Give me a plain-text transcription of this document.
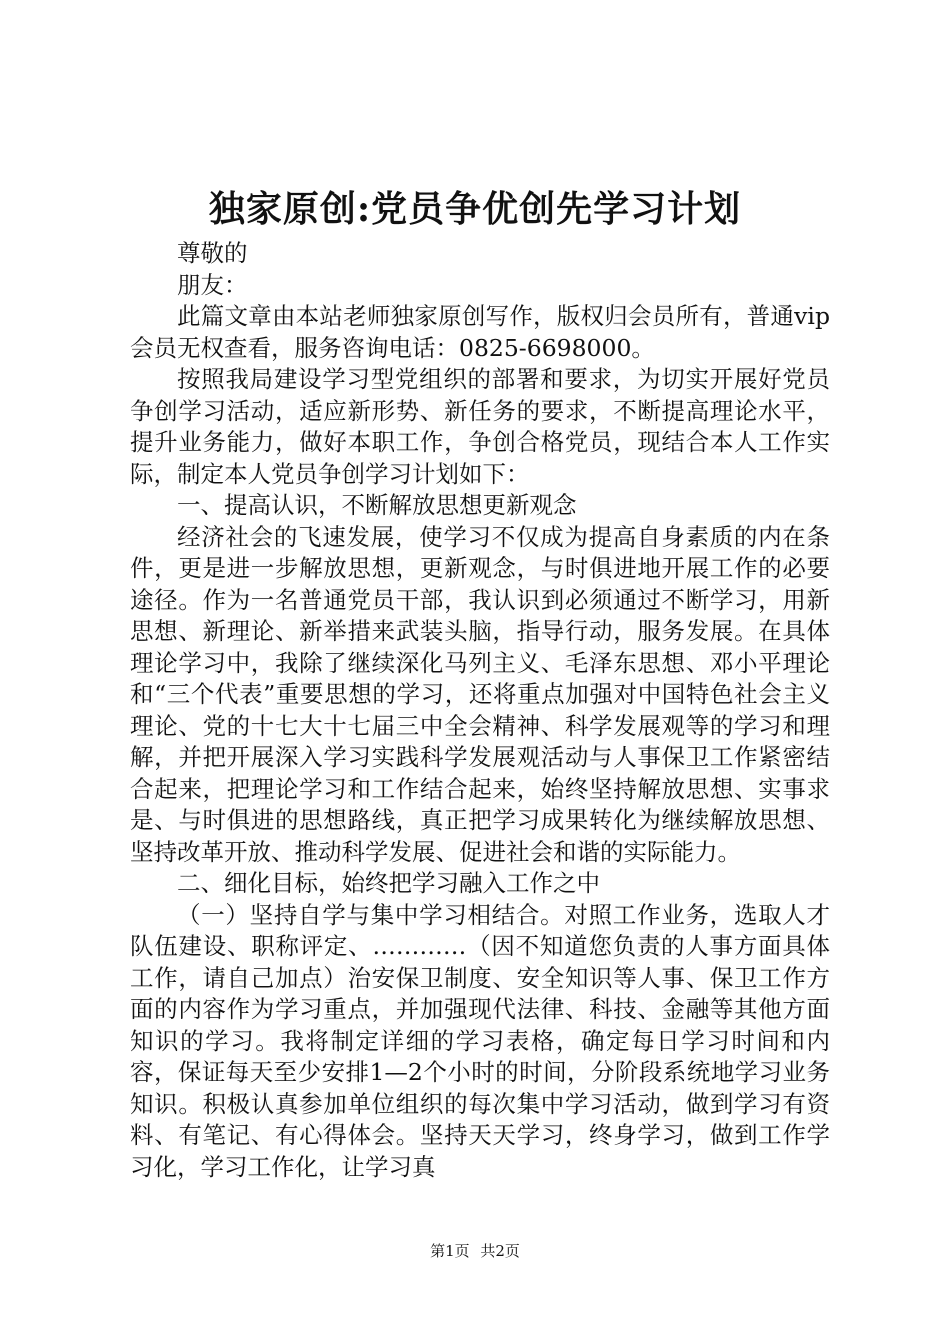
独家原创:党员争优创先学习计划

尊敬的

朋友：

此篇文章由本站老师独家原创写作，版权归会员所有，普通vip会员无权查看，服务咨询电话：0825-6698000。

按照我局建设学习型党组织的部署和要求，为切实开展好党员争创学习活动，适应新形势、新任务的要求，不断提高理论水平，提升业务能力，做好本职工作，争创合格党员，现结合本人工作实际，制定本人党员争创学习计划如下：

一、提高认识，不断解放思想更新观念

经济社会的飞速发展，使学习不仅成为提高自身素质的内在条件，更是进一步解放思想，更新观念，与时俱进地开展工作的必要途径。作为一名普通党员干部，我认识到必须通过不断学习，用新思想、新理论、新举措来武装头脑，指导行动，服务发展。在具体理论学习中，我除了继续深化马列主义、毛泽东思想、邓小平理论和“三个代表”重要思想的学习，还将重点加强对中国特色社会主义理论、党的十七大十七届三中全会精神、科学发展观等的学习和理解，并把开展深入学习实践科学发展观活动与人事保卫工作紧密结合起来，把理论学习和工作结合起来，始终坚持解放思想、实事求是、与时俱进的思想路线，真正把学习成果转化为继续解放思想、坚持改革开放、推动科学发展、促进社会和谐的实际能力。

二、细化目标，始终把学习融入工作之中

（一）坚持自学与集中学习相结合。对照工作业务，选取人才队伍建设、职称评定、…………（因不知道您负责的人事方面具体工作，请自己加点）治安保卫制度、安全知识等人事、保卫工作方面的内容作为学习重点，并加强现代法律、科技、金融等其他方面知识的学习。我将制定详细的学习表格，确定每日学习时间和内容，保证每天至少安排1—2个小时的时间，分阶段系统地学习业务知识。积极认真参加单位组织的每次集中学习活动，做到学习有资料、有笔记、有心得体会。坚持天天学习，终身学习，做到工作学习化，学习工作化，让学习真

第1页 共2页
